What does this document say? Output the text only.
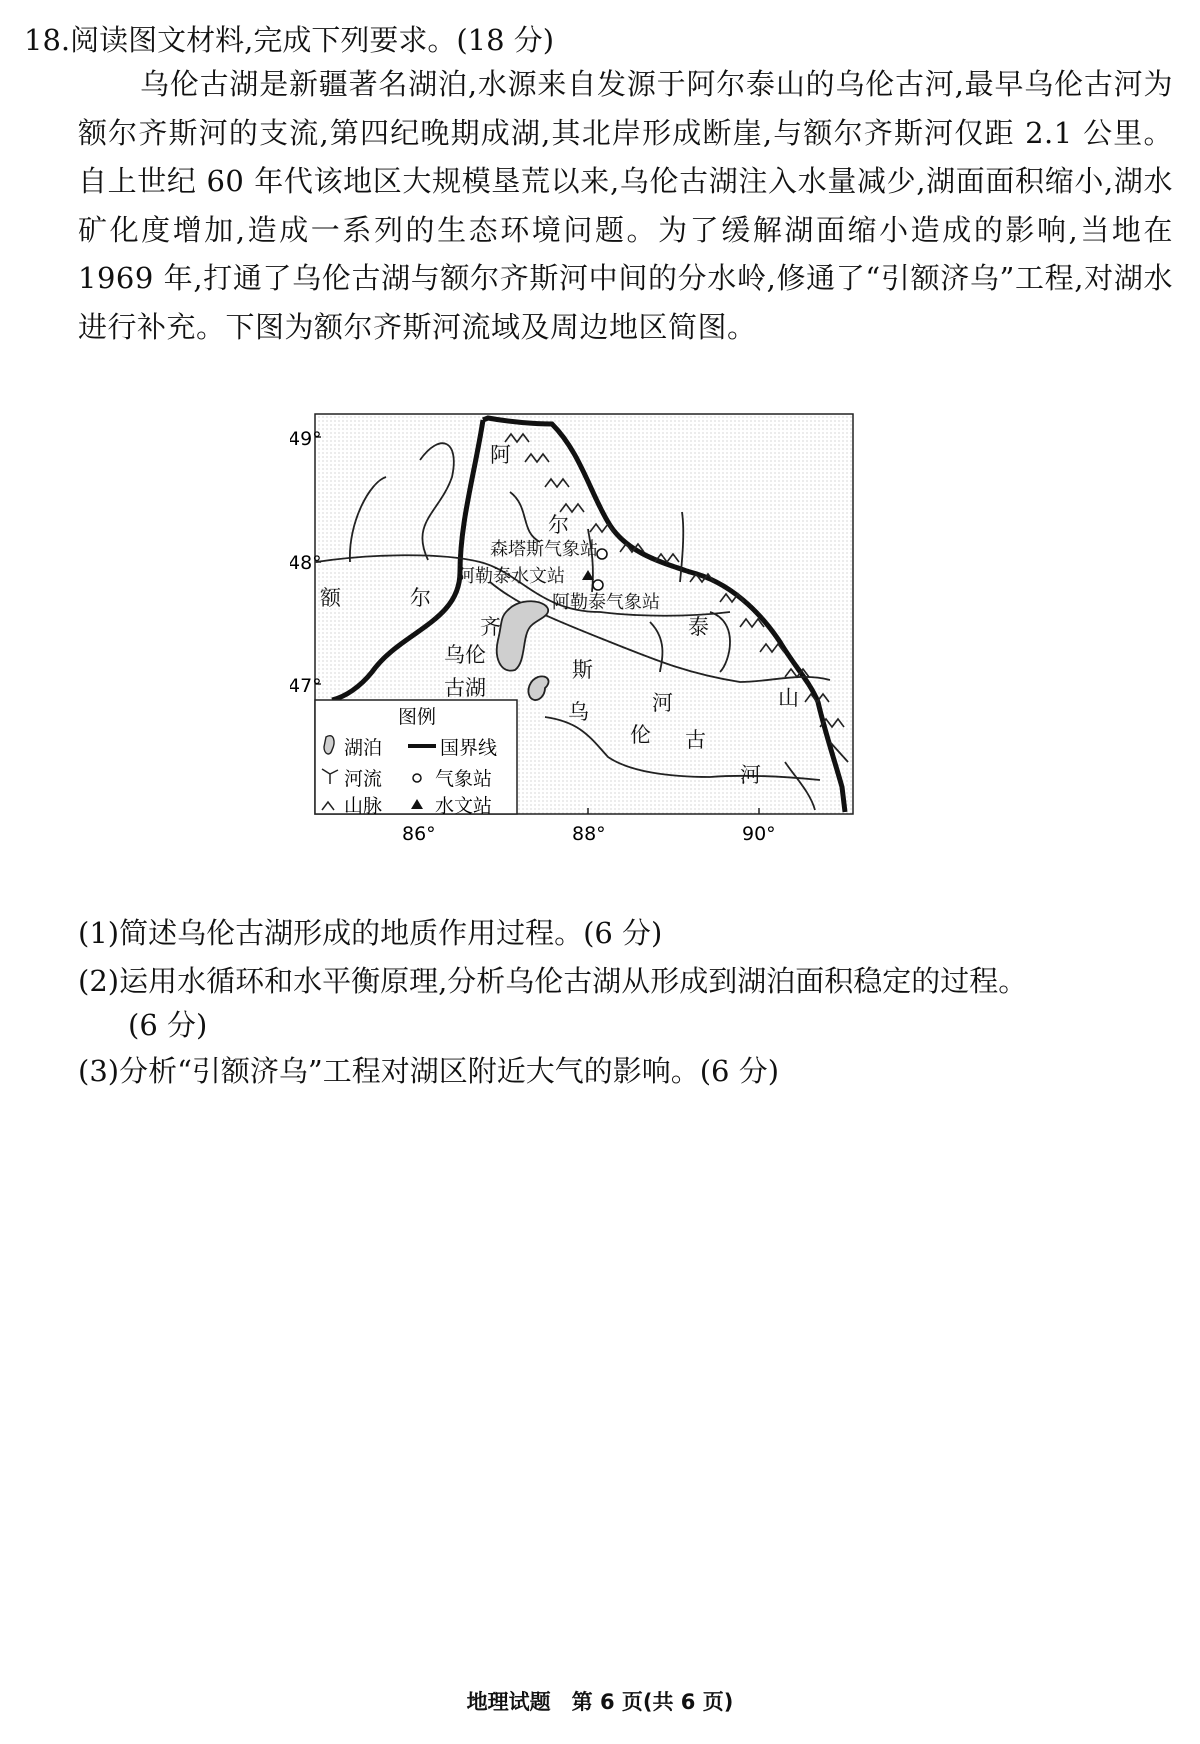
18.阅读图文材料,完成下列要求。(18 分)
乌伦古湖是新疆著名湖泊,水源来自发源于阿尔泰山的乌伦古河,最早乌伦古河为额尔齐斯河的支流,第四纪晚期成湖,其北岸形成断崖,与额尔齐斯河仅距 2.1 公里。自上世纪 60 年代该地区大规模垦荒以来,乌伦古湖注入水量减少,湖面面积缩小,湖水矿化度增加,造成一系列的生态环境问题。为了缓解湖面缩小造成的影响,当地在 1969 年,打通了乌伦古湖与额尔齐斯河中间的分水岭,修通了“引额济乌”工程,对湖水进行补充。下图为额尔齐斯河流域及周边地区简图。
49°
48°
47°
86°	88°	90°
阿
尔
泰
山
额	尔
齐
斯
河
乌伦
古湖
乌
伦 古
河
森塔斯气象站
阿勒泰水文站
阿勒泰气象站
图例
湖泊	国界线
河流	气象站
山脉	水文站
(1)简述乌伦古湖形成的地质作用过程。(6 分)
(2)运用水循环和水平衡原理,分析乌伦古湖从形成到湖泊面积稳定的过程。
(6 分)
(3)分析“引额济乌”工程对湖区附近大气的影响。(6 分)
地理试题　第 6 页(共 6 页)
